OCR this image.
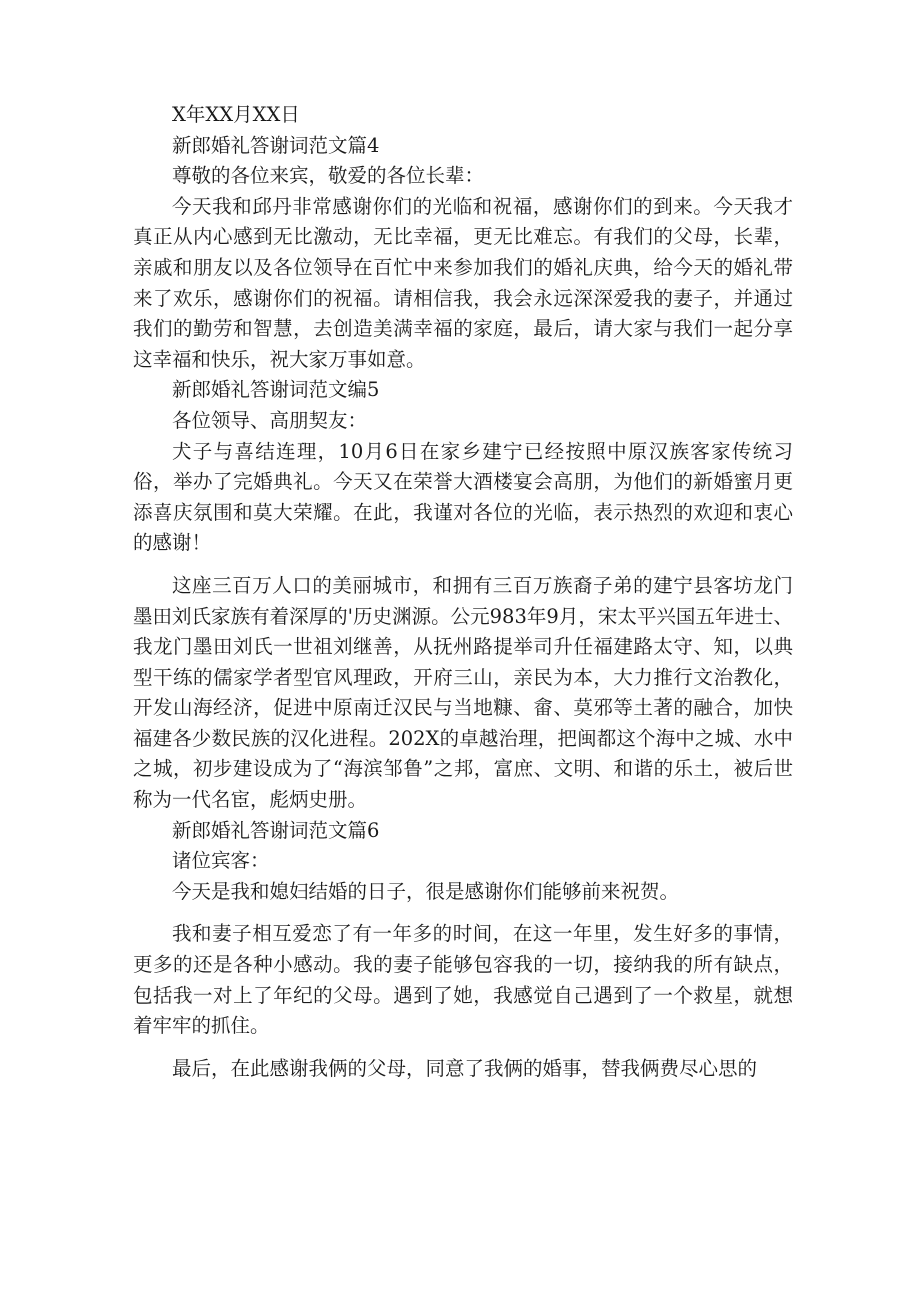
X年XX月XX日

新郎婚礼答谢词范文篇4

尊敬的各位来宾，敬爱的各位长辈：

今天我和邱丹非常感谢你们的光临和祝福，感谢你们的到来。今天我才真正从内心感到无比激动，无比幸福，更无比难忘。有我们的父母，长辈，亲戚和朋友以及各位领导在百忙中来参加我们的婚礼庆典，给今天的婚礼带来了欢乐，感谢你们的祝福。请相信我，我会永远深深爱我的妻子，并通过我们的勤劳和智慧，去创造美满幸福的家庭，最后，请大家与我们一起分享这幸福和快乐，祝大家万事如意。

新郎婚礼答谢词范文编5

各位领导、高朋契友：

犬子与喜结连理，10月6日在家乡建宁已经按照中原汉族客家传统习俗，举办了完婚典礼。今天又在荣誉大酒楼宴会高朋，为他们的新婚蜜月更添喜庆氛围和莫大荣耀。在此，我谨对各位的光临，表示热烈的欢迎和衷心的感谢！

这座三百万人口的美丽城市，和拥有三百万族裔子弟的建宁县客坊龙门墨田刘氏家族有着深厚的'历史渊源。公元983年9月，宋太平兴国五年进士、我龙门墨田刘氏一世祖刘继善，从抚州路提举司升任福建路太守、知，以典型干练的儒家学者型官风理政，开府三山，亲民为本，大力推行文治教化，开发山海经济，促进中原南迁汉民与当地糠、畲、莫邪等土著的融合，加快福建各少数民族的汉化进程。202X的卓越治理，把闽都这个海中之城、水中之城，初步建设成为了“海滨邹鲁”之邦，富庶、文明、和谐的乐土，被后世称为一代名宦，彪炳史册。

新郎婚礼答谢词范文篇6

诸位宾客：

今天是我和媳妇结婚的日子，很是感谢你们能够前来祝贺。

我和妻子相互爱恋了有一年多的时间，在这一年里，发生好多的事情，更多的还是各种小感动。我的妻子能够包容我的一切，接纳我的所有缺点，包括我一对上了年纪的父母。遇到了她，我感觉自己遇到了一个救星，就想着牢牢的抓住。

最后，在此感谢我俩的父母，同意了我俩的婚事，替我俩费尽心思的
